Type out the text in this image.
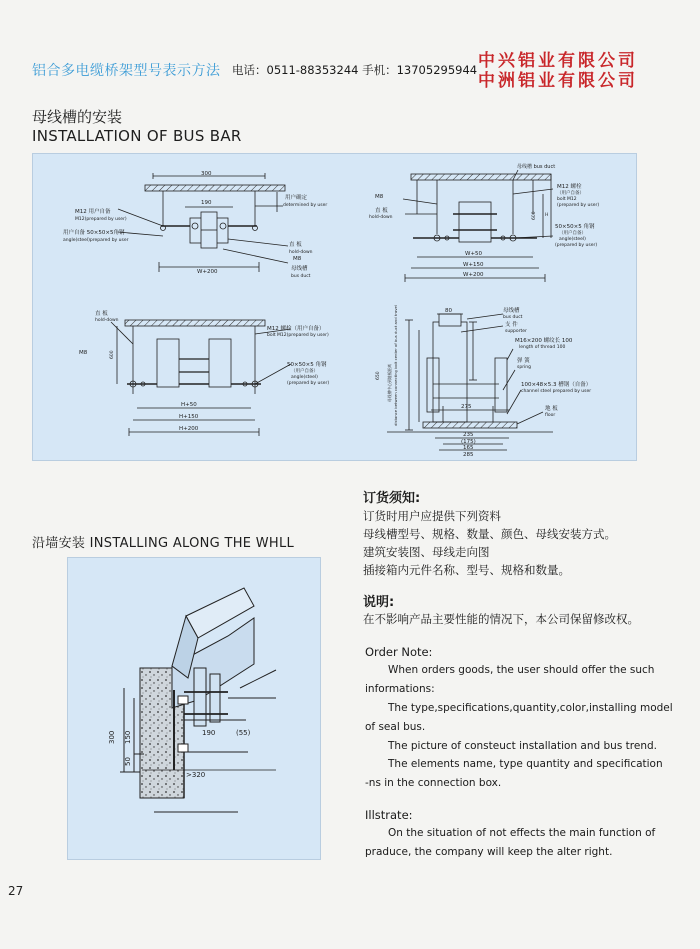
铝合多电缆桥架型号表示方法 电话：0511-88353244 手机：13705295944 中兴铝业有限公司
中洲铝业有限公司
母线槽的安装
INSTALLATION OF BUS BAR
300
190
用户确定
determined by user
M12 用户自备
M12(prepared by user)
用户自备 50×50×5角钢
angle(steel)prepared by user
直 板
hold-down
M8
母线槽
bus duct
W+200
母线槽 bus duct
M12 螺栓
（用户自备）
bolt M12
(prepared by user)
M8
直 板
hold-down
50×50×5 角钢
（用户自备）
angle(steel)
(prepared by user)
600 H
W+50
W+150
W+200
直 板
hold-down
M12 螺栓（用户自备）
bolt M12(prepared by user)
M8
50×50×5 角钢
（用户自备）
angle(steel)
(prepared by user)
600
H+50
H+150
H+200
母线槽
bus duct
支 件
supporter
M16×200 螺纹长 100
length of thread 100
弹 簧
spring
100×48×5.3 槽钢（自备）
channel steel prepared by user
地 板
floor
80
650
275
235
(175)
165
285
distance between connecting bolt center of bus duct and travel
母线槽中心到地板距离
订货须知:
订货时用户应提供下列资料
母线槽型号、规格、数量、颜色、母线安装方式。
建筑安装图、母线走向图
插接箱内元件名称、型号、规格和数量。
说明:
在不影响产品主要性能的情况下，本公司保留修改权。
沿墙安装 INSTALLING ALONG THE WHLL
300 150
50
190	(55)
>320
Order Note:
When orders goods, the user should offer the such
informations:
The type,specifications,quantity,color,installing model
of seal bus.
The picture of constеuct installation and bus trend.
The elements name, type quantity and specification
-ns in the connection box.
Illstrate:
On the situation of not effects the main function of
praduce, the company will keep the alter right.
27
